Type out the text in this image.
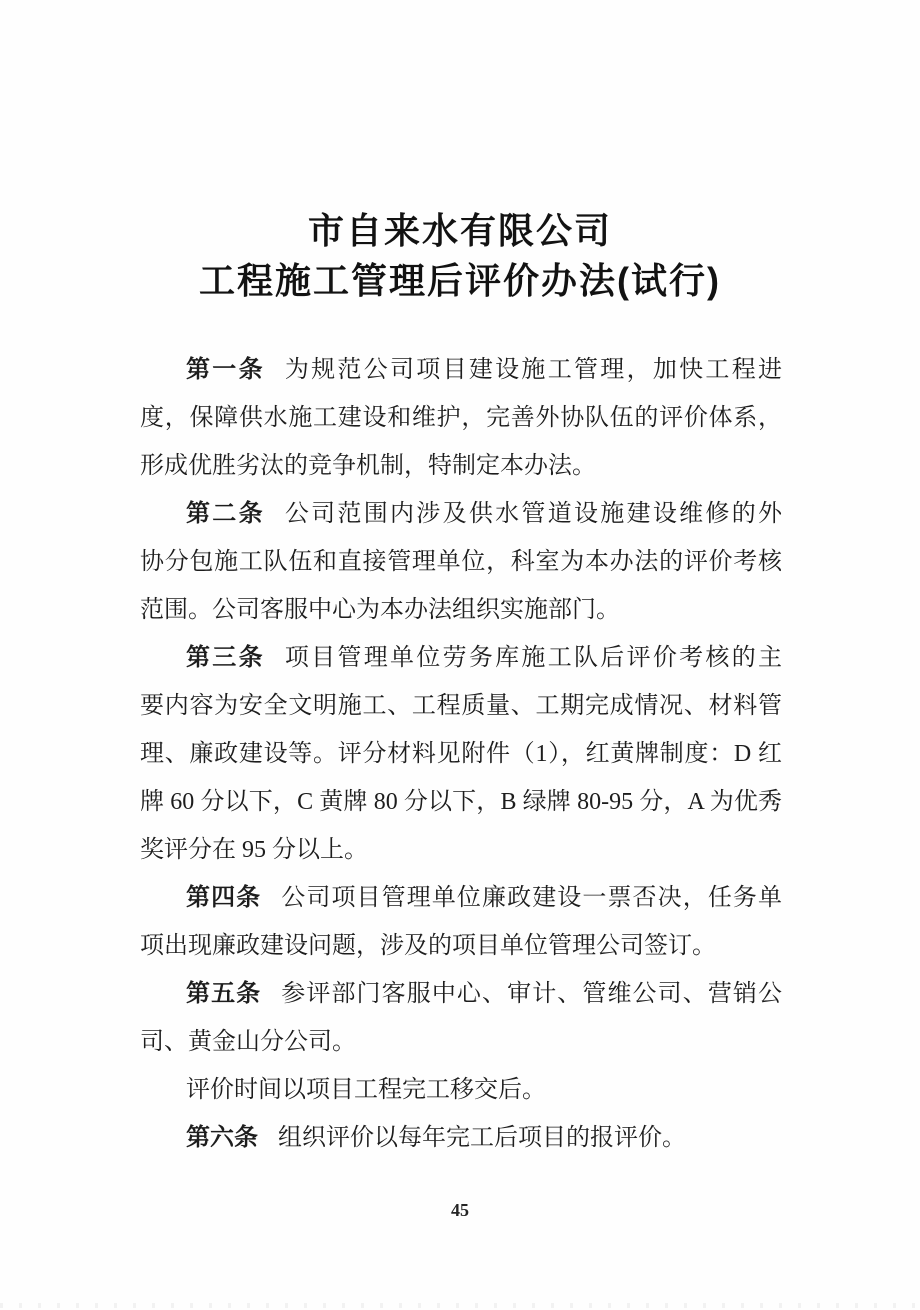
市自来水有限公司
工程施工管理后评价办法(试行)
第一条 为规范公司项目建设施工管理，加快工程进
度，保障供水施工建设和维护，完善外协队伍的评价体系，
形成优胜劣汰的竞争机制，特制定本办法。
第二条 公司范围内涉及供水管道设施建设维修的外
协分包施工队伍和直接管理单位，科室为本办法的评价考核
范围。公司客服中心为本办法组织实施部门。
第三条 项目管理单位劳务库施工队后评价考核的主
要内容为安全文明施工、工程质量、工期完成情况、材料管
理、廉政建设等。评分材料见附件（1），红黄牌制度：D 红
牌 60 分以下，C 黄牌 80 分以下，B 绿牌 80-95 分，A 为优秀
奖评分在 95 分以上。
第四条 公司项目管理单位廉政建设一票否决，任务单
项出现廉政建设问题，涉及的项目单位管理公司签订。
第五条 参评部门客服中心、审计、管维公司、营销公
司、黄金山分公司。
评价时间以项目工程完工移交后。
第六条 组织评价以每年完工后项目的报评价。
45
